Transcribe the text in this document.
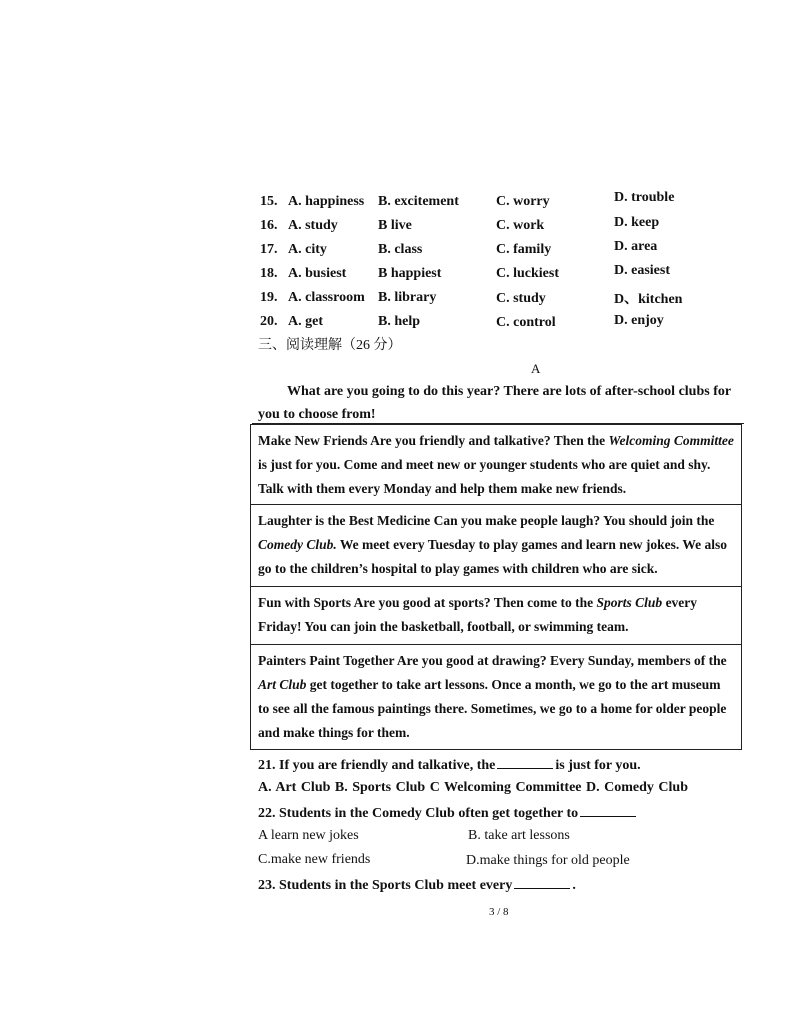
15. A. happiness B. excitement	C. worry	D. trouble
16. A. study	B live	C. work	D. keep
17. A. city	B. class	C. family	D. area
18. A. busiest B happiest	C. luckiest	D. easiest
19. A. classroom B. library	C. study	D、kitchen
20. A. get	B. help	C. control	D. enjoy
三、阅读理解（26 分）
A
What are you going to do this year? There are lots of after-school clubs for
you to choose from!
Make New Friends Are you friendly and talkative? Then the Welcoming Committee is just for you. Come and meet new or younger students who are quiet and shy. Talk with them every Monday and help them make new friends.
Laughter is the Best Medicine Can you make people laugh? You should join the Comedy Club. We meet every Tuesday to play games and learn new jokes. We also go to the children’s hospital to play games with children who are sick.
Fun with Sports Are you good at sports? Then come to the Sports Club every Friday! You can join the basketball, football, or swimming team.
Painters Paint Together Are you good at drawing? Every Sunday, members of the Art Club get together to take art lessons. Once a month, we go to the art museum to see all the famous paintings there. Sometimes, we go to a home for older people and make things for them.
21. If you are friendly and talkative, the	is just for you.
A. Art Club B. Sports Club C Welcoming Committee D. Comedy Club
22. Students in the Comedy Club often get together to
A learn new jokes	B. take art lessons
C.make new friends	D.make things for old people
23. Students in the Sports Club meet every	.
3 / 8
